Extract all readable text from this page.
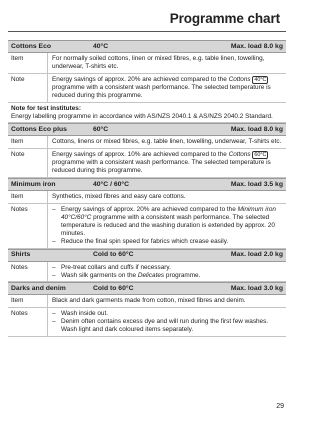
Programme chart
Cottons Eco	40°C	Max. load 8.0 kg
Item	For normally soiled cottons, linen or mixed fibres, e.g. table linen, towelling, underwear, T-shirts etc.
Note	Energy savings of approx. 20% are achieved compared to the Cottons 40°C programme with a consistent wash performance. The selected temperature is reduced during this programme.
Note for test institutes:
Energy labelling programme in accordance with AS/NZS 2040.1 & AS/NZS 2040.2 Standard.
Cottons Eco plus	60°C	Max. load 8.0 kg
Item	Cottons, linens or mixed fibres, e.g. table linen, towelling, underwear, T-shirts etc.
Note	Energy savings of approx. 10% are achieved compared to the Cottons 60°C programme with a consistent wash performance. The selected temperature is reduced during this programme.
Minimum iron	40°C / 60°C	Max. load 3.5 kg
Item	Synthetics, mixed fibres and easy care cottons.
Notes	– Energy savings of approx. 20% are achieved compared to the Minimum iron 40°C/60°C programme with a consistent wash performance. The selected temperature is reduced and the washing duration is extended by approx. 20 minutes.
– Reduce the final spin speed for fabrics which crease easily.
Shirts	Cold to 60°C	Max. load 2.0 kg
Notes	– Pre-treat collars and cuffs if necessary.
– Wash silk garments on the Delicates programme.
Darks and denim	Cold to 60°C	Max. load 3.0 kg
Item	Black and dark garments made from cotton, mixed fibres and denim.
Notes	– Wash inside out.
– Denim often contains excess dye and will run during the first few washes. Wash light and dark coloured items separately.
29
